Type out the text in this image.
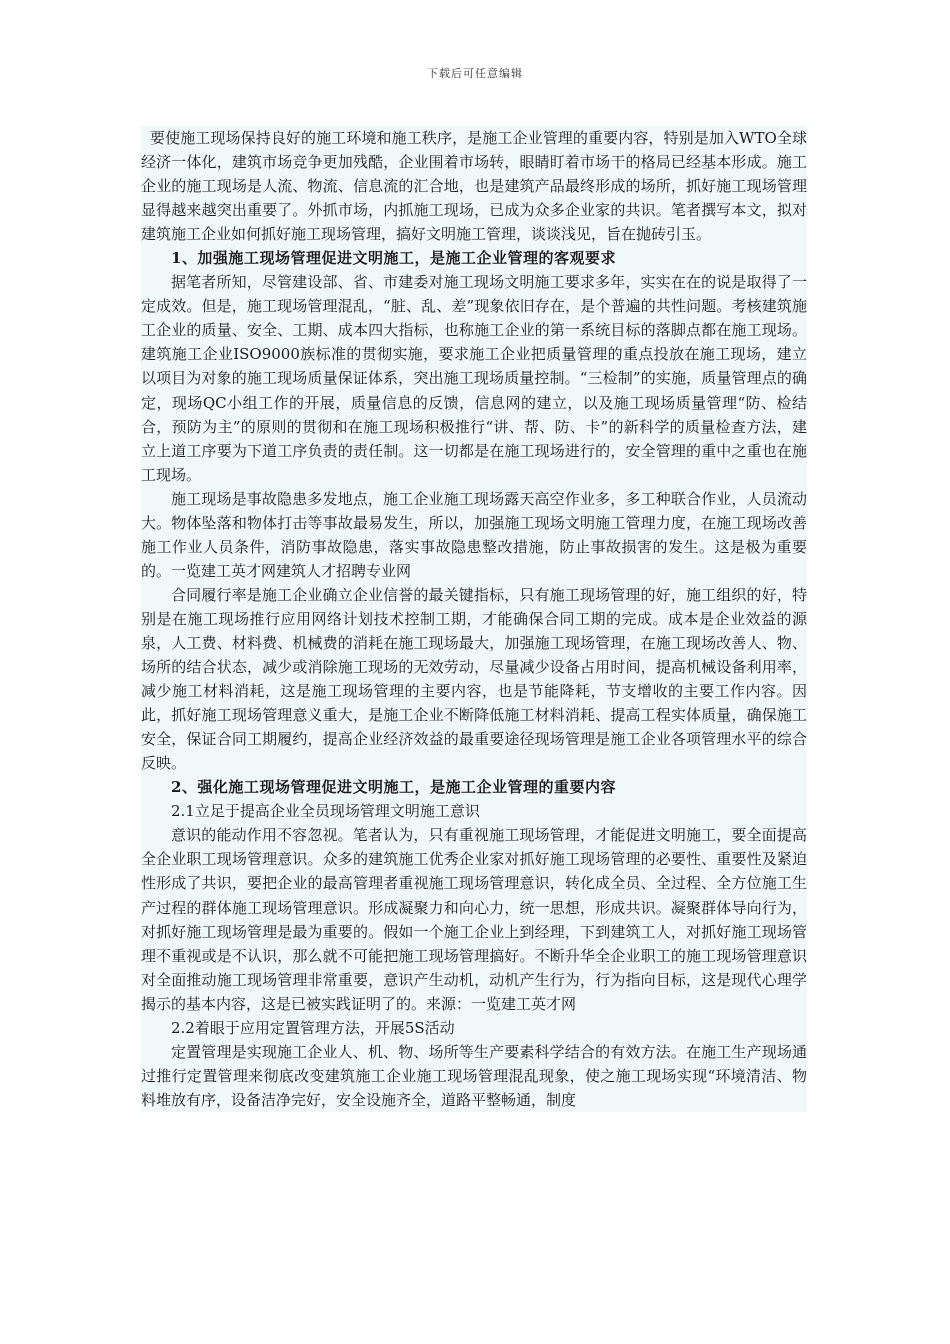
下载后可任意编辑

要使施工现场保持良好的施工环境和施工秩序，是施工企业管理的重要内容，特别是加入WTO全球经济一体化，建筑市场竞争更加残酷，企业围着市场转，眼睛盯着市场干的格局已经基本形成。施工企业的施工现场是人流、物流、信息流的汇合地，也是建筑产品最终形成的场所，抓好施工现场管理显得越来越突出重要了。外抓市场，内抓施工现场，已成为众多企业家的共识。笔者撰写本文，拟对建筑施工企业如何抓好施工现场管理，搞好文明施工管理，谈谈浅见，旨在抛砖引玉。

1、加强施工现场管理促进文明施工，是施工企业管理的客观要求

据笔者所知，尽管建设部、省、市建委对施工现场文明施工要求多年，实实在在的说是取得了一定成效。但是，施工现场管理混乱，“脏、乱、差”现象依旧存在，是个普遍的共性问题。考核建筑施工企业的质量、安全、工期、成本四大指标，也称施工企业的第一系统目标的落脚点都在施工现场。建筑施工企业ISO9000族标准的贯彻实施，要求施工企业把质量管理的重点投放在施工现场，建立以项目为对象的施工现场质量保证体系，突出施工现场质量控制。“三检制”的实施，质量管理点的确定，现场QC小组工作的开展，质量信息的反馈，信息网的建立，以及施工现场质量管理“防、检结合，预防为主”的原则的贯彻和在施工现场积极推行“讲、帮、防、卡”的新科学的质量检查方法，建立上道工序要为下道工序负责的责任制。这一切都是在施工现场进行的，安全管理的重中之重也在施工现场。

施工现场是事故隐患多发地点，施工企业施工现场露天高空作业多，多工种联合作业，人员流动大。物体坠落和物体打击等事故最易发生，所以，加强施工现场文明施工管理力度，在施工现场改善施工作业人员条件，消防事故隐患，落实事故隐患整改措施，防止事故损害的发生。这是极为重要的。一览建工英才网建筑人才招聘专业网

合同履行率是施工企业确立企业信誉的最关键指标，只有施工现场管理的好，施工组织的好，特别是在施工现场推行应用网络计划技术控制工期，才能确保合同工期的完成。成本是企业效益的源泉，人工费、材料费、机械费的消耗在施工现场最大，加强施工现场管理，在施工现场改善人、物、场所的结合状态，减少或消除施工现场的无效劳动，尽量减少设备占用时间，提高机械设备利用率，减少施工材料消耗，这是施工现场管理的主要内容，也是节能降耗，节支增收的主要工作内容。因此，抓好施工现场管理意义重大，是施工企业不断降低施工材料消耗、提高工程实体质量，确保施工安全，保证合同工期履约，提高企业经济效益的最重要途径现场管理是施工企业各项管理水平的综合反映。

2、强化施工现场管理促进文明施工，是施工企业管理的重要内容

2.1立足于提高企业全员现场管理文明施工意识

意识的能动作用不容忽视。笔者认为，只有重视施工现场管理，才能促进文明施工，要全面提高全企业职工现场管理意识。众多的建筑施工优秀企业家对抓好施工现场管理的必要性、重要性及紧迫性形成了共识，要把企业的最高管理者重视施工现场管理意识，转化成全员、全过程、全方位施工生产过程的群体施工现场管理意识。形成凝聚力和向心力，统一思想，形成共识。凝聚群体导向行为，对抓好施工现场管理是最为重要的。假如一个施工企业上到经理，下到建筑工人，对抓好施工现场管理不重视或是不认识，那么就不可能把施工现场管理搞好。不断升华全企业职工的施工现场管理意识对全面推动施工现场管理非常重要，意识产生动机，动机产生行为，行为指向目标，这是现代心理学揭示的基本内容，这是已被实践证明了的。来源：一览建工英才网

2.2着眼于应用定置管理方法，开展5S活动

定置管理是实现施工企业人、机、物、场所等生产要素科学结合的有效方法。在施工生产现场通过推行定置管理来彻底改变建筑施工企业施工现场管理混乱现象，使之施工现场实现“环境清洁、物料堆放有序，设备洁净完好，安全设施齐全，道路平整畅通，制度
